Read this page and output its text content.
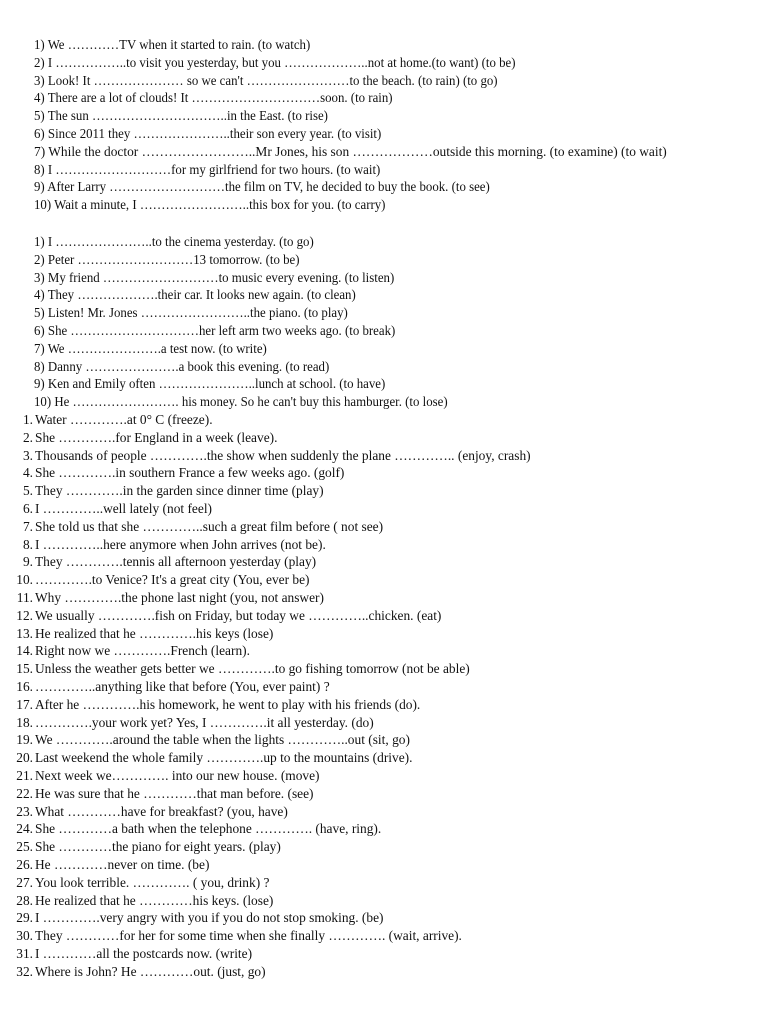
1) We …………TV when it started to rain. (to watch)
2) I ……………..to visit you yesterday, but you ………………..not at home.(to want) (to be)
3) Look! It ………………… so we can't ……………………to the beach. (to rain) (to go)
4) There are a lot of clouds! It …………………………soon. (to rain)
5) The sun …………………………..in the East. (to rise)
6) Since 2011 they …………………..their son every year. (to visit)
7) While the doctor ……………………..Mr Jones, his son ………………outside this morning. (to examine) (to wait)
8) I ………………………for my girlfriend for two hours. (to wait)
9) After Larry ………………………the film on TV, he decided to buy the book. (to see)
10) Wait a minute, I ……………………..this box for you. (to carry)
1) I …………………..to the cinema yesterday. (to go)
2) Peter ………………………13 tomorrow. (to be)
3) My friend ………………………to music every evening. (to listen)
4) They ……………….their car. It looks new again. (to clean)
5) Listen! Mr. Jones ……………………..the piano. (to play)
6) She …………………………her left arm two weeks ago. (to break)
7) We ………………….a test now. (to write)
8) Danny ………………….a book this evening. (to read)
9) Ken and Emily often …………………..lunch at school. (to have)
10) He ……………………. his money. So he can't buy this hamburger. (to lose)
1. Water ………….at 0° C (freeze).
2. She ………….for England in a week (leave).
3. Thousands of people ………….the show when suddenly the plane ………….. (enjoy, crash)
4. She ………….in southern France a few weeks ago. (golf)
5. They ………….in the garden since dinner time (play)
6. I …………..well lately (not feel)
7. She told us that she …………..such a great film before ( not see)
8. I …………..here anymore when John arrives (not be).
9. They ………….tennis all afternoon yesterday (play)
10. ………….to Venice? It's a great city (You, ever be)
11. Why ………….the phone last night (you, not answer)
12. We usually ………….fish on Friday, but today we …………..chicken. (eat)
13. He realized that he ………….his keys (lose)
14. Right now we ………….French (learn).
15. Unless the weather gets better we ………….to go fishing tomorrow (not be able)
16. …………..anything like that before (You, ever paint) ?
17. After he ………….his homework, he went to play with his friends (do).
18. ………….your work yet? Yes, I ………….it all yesterday. (do)
19. We ………….around the table when the lights …………..out (sit, go)
20. Last weekend the whole family ………….up to the mountains (drive).
21. Next week we…………. into our new house. (move)
22. He was sure that he …………that man before. (see)
23. What …………have for breakfast? (you, have)
24. She …………a bath when the telephone …………. (have, ring).
25. She …………the piano for eight years. (play)
26. He …………never on time. (be)
27. You look terrible. …………. ( you, drink) ?
28. He realized that he …………his keys. (lose)
29. I ………….very angry with you if you do not stop smoking. (be)
30. They …………for her for some time when she finally …………. (wait, arrive).
31. I …………all the postcards now. (write)
32. Where is John? He …………out. (just, go)
